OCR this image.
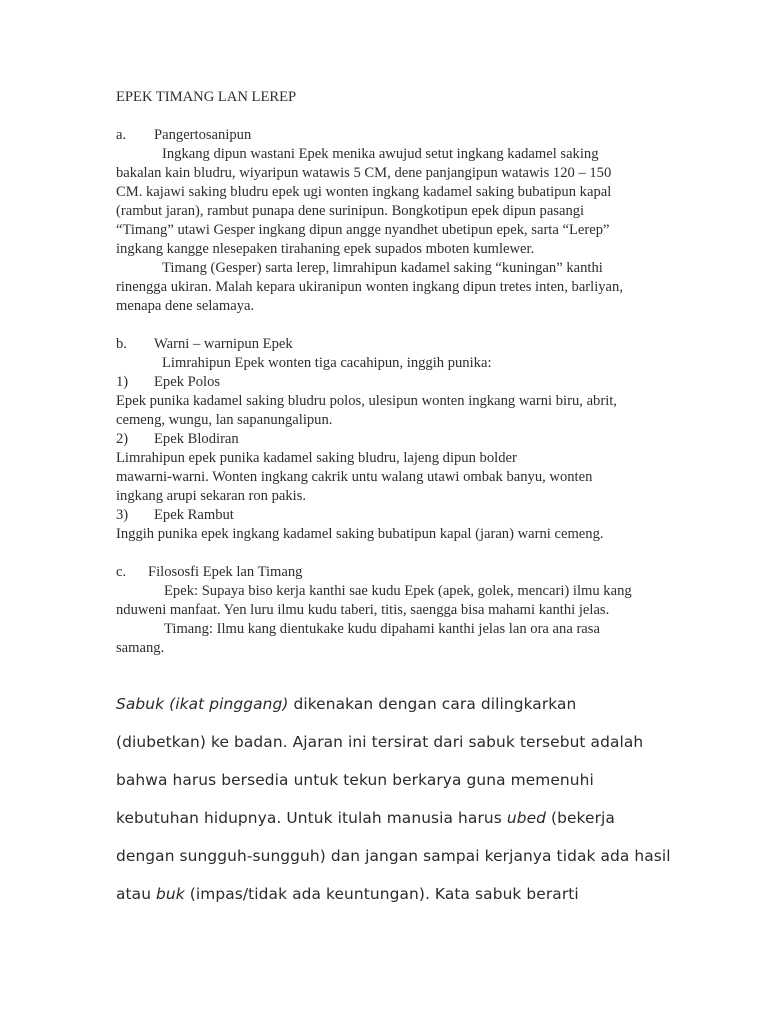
EPEK TIMANG LAN LEREP
a. Pangertosanipun
Ingkang dipun wastani Epek menika awujud setut ingkang kadamel saking
bakalan kain bludru, wiyaripun watawis 5 CM, dene panjangipun watawis 120 – 150
CM. kajawi saking bludru epek ugi wonten ingkang kadamel saking bubatipun kapal
(rambut jaran), rambut punapa dene surinipun. Bongkotipun epek dipun pasangi
“Timang” utawi Gesper ingkang dipun angge nyandhet ubetipun epek, sarta “Lerep”
ingkang kangge nlesepaken tirahaning epek supados mboten kumlewer.
Timang (Gesper) sarta lerep, limrahipun kadamel saking “kuningan” kanthi
rinengga ukiran. Malah kepara ukiranipun wonten ingkang dipun tretes inten, barliyan,
menapa dene selamaya.
b. Warni – warnipun Epek
Limrahipun Epek wonten tiga cacahipun, inggih punika:
1) Epek Polos
Epek punika kadamel saking bludru polos, ulesipun wonten ingkang warni biru, abrit,
cemeng, wungu, lan sapanungalipun.
2) Epek Blodiran
Limrahipun epek punika kadamel saking bludru, lajeng dipun bolder
mawarni-warni. Wonten ingkang cakrik untu walang utawi ombak banyu, wonten
ingkang arupi sekaran ron pakis.
3) Epek Rambut
Inggih punika epek ingkang kadamel saking bubatipun kapal (jaran) warni cemeng.
c. Filososfi Epek lan Timang
Epek: Supaya biso kerja kanthi sae kudu Epek (apek, golek, mencari) ilmu kang
nduweni manfaat. Yen luru ilmu kudu taberi, titis, saengga bisa mahami kanthi jelas.
Timang: Ilmu kang dientukake kudu dipahami kanthi jelas lan ora ana rasa
samang.
Sabuk (ikat pinggang) dikenakan dengan cara dilingkarkan
(diubetkan) ke badan. Ajaran ini tersirat dari sabuk tersebut adalah
bahwa harus bersedia untuk tekun berkarya guna memenuhi
kebutuhan hidupnya. Untuk itulah manusia harus ubed (bekerja
dengan sungguh-sungguh) dan jangan sampai kerjanya tidak ada hasil
atau buk (impas/tidak ada keuntungan). Kata sabuk berarti
